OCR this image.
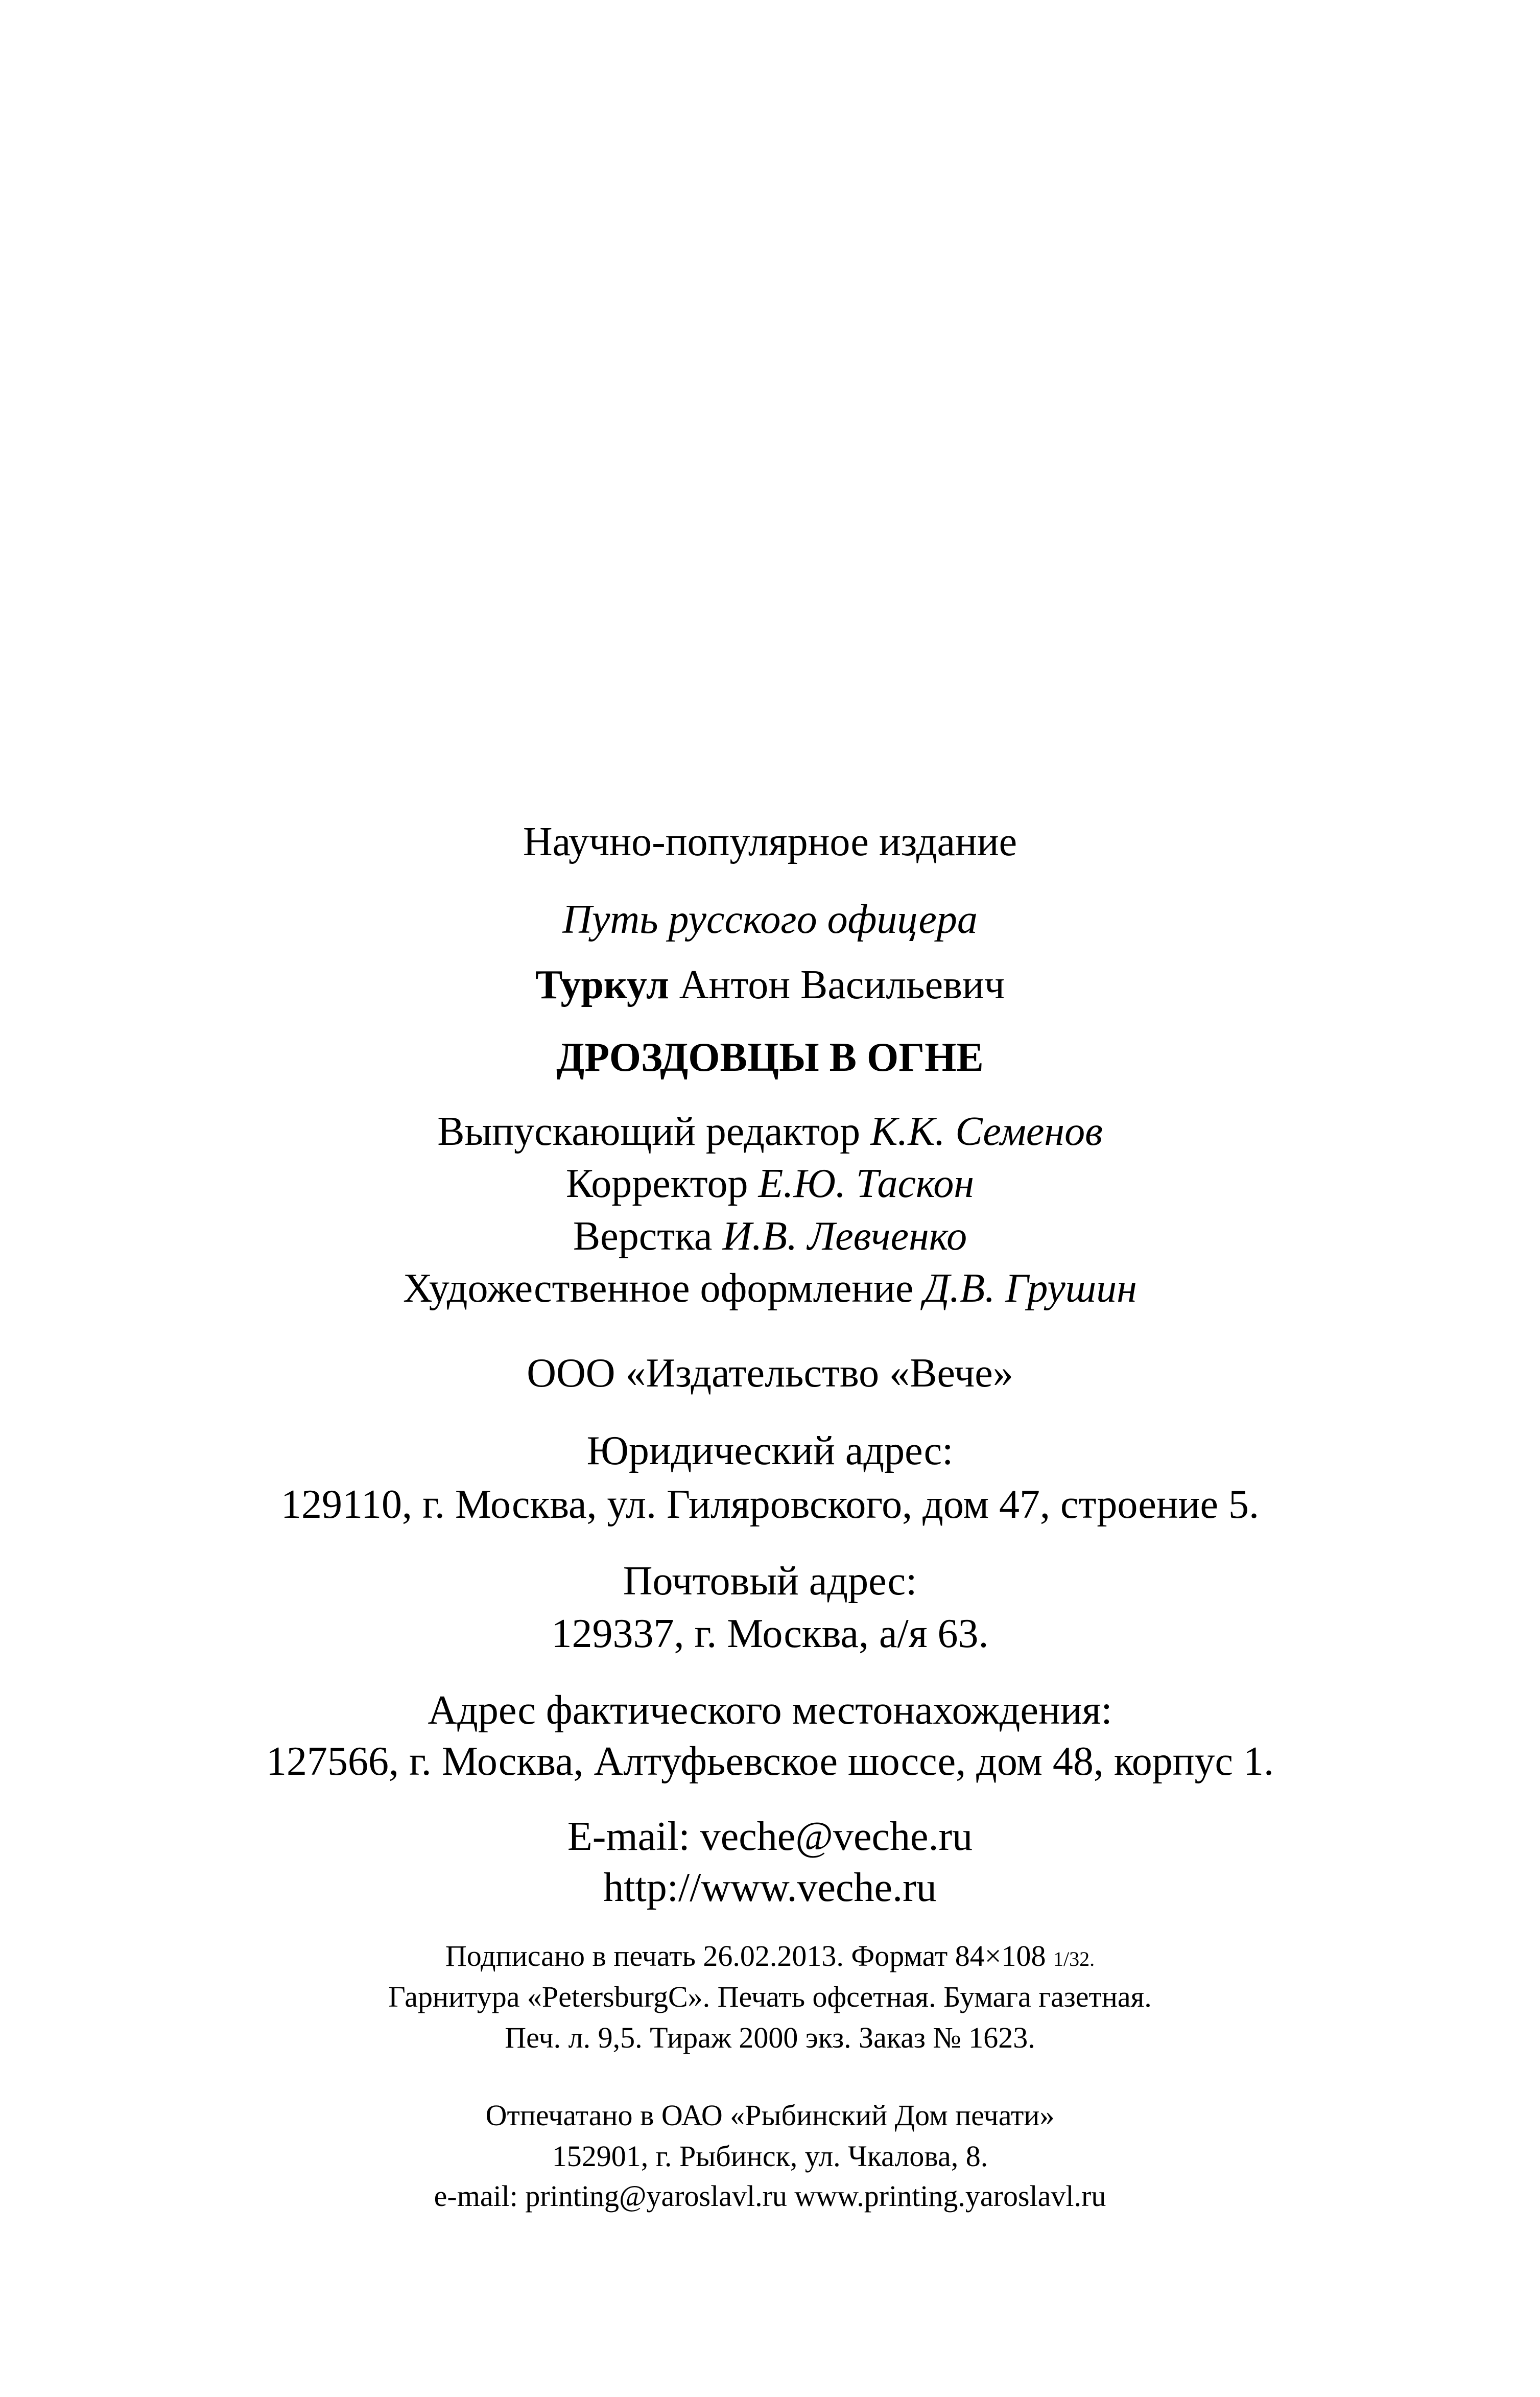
Научно-популярное издание
Путь русского офицера
Туркул Антон Васильевич
ДРОЗДОВЦЫ В ОГНЕ
Выпускающий редактор К.К. Семенов
Корректор Е.Ю. Таскон
Верстка И.В. Левченко
Художественное оформление Д.В. Грушин
ООО «Издательство «Вече»
Юридический адрес:
129110, г. Москва, ул. Гиляровского, дом 47, строение 5.
Почтовый адрес:
129337, г. Москва, а/я 63.
Адрес фактического местонахождения:
127566, г. Москва, Алтуфьевское шоссе, дом 48, корпус 1.
E-mail: veche@veche.ru
http://www.veche.ru
Подписано в печать 26.02.2013. Формат 84×108 1/32.
Гарнитура «PetersburgC». Печать офсетная. Бумага газетная.
Печ. л. 9,5. Тираж 2000 экз. Заказ № 1623.
Отпечатано в ОАО «Рыбинский Дом печати»
152901, г. Рыбинск, ул. Чкалова, 8.
e-mail: printing@yaroslavl.ru www.printing.yaroslavl.ru
